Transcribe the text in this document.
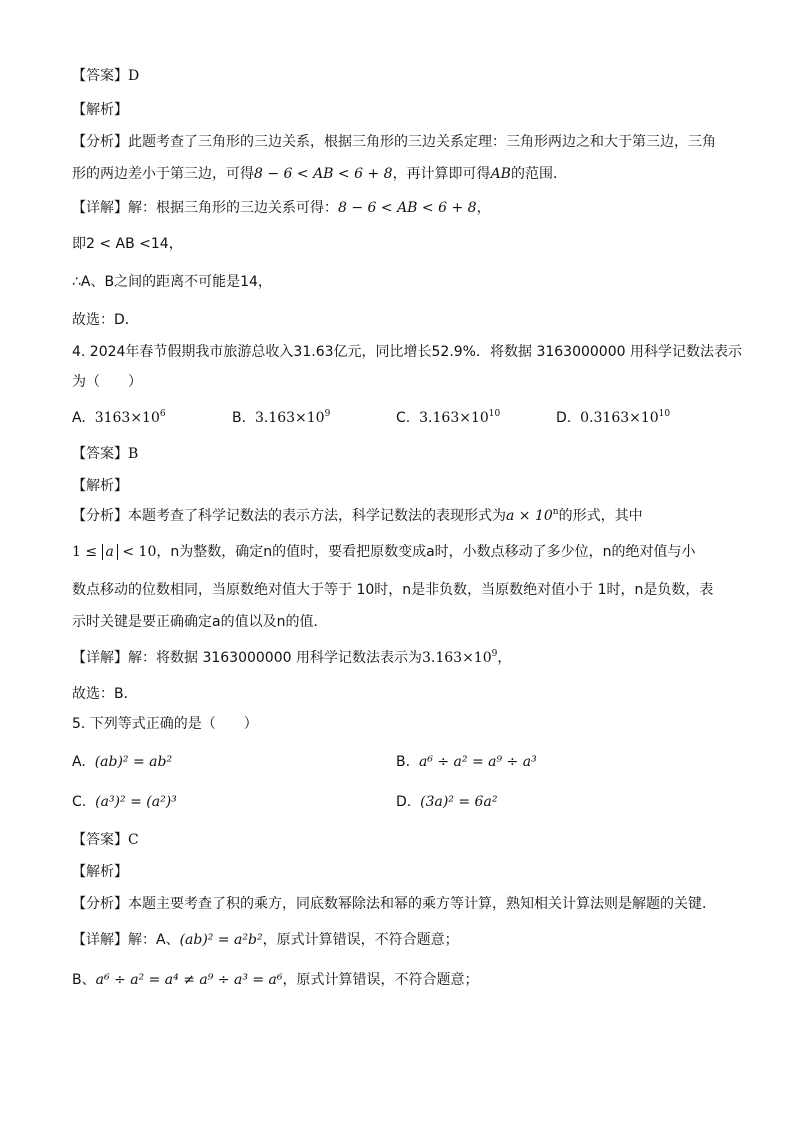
【答案】D
【解析】
【分析】此题考查了三角形的三边关系，根据三角形的三边关系定理：三角形两边之和大于第三边，三角
形的两边差小于第三边，可得8 − 6 < AB < 6 + 8，再计算即可得AB的范围．
【详解】解：根据三角形的三边关系可得：8 − 6 < AB < 6 + 8，
即2 < AB <14，
∴A、B之间的距离不可能是14，
故选：D．
4. 2024年春节假期我市旅游总收入31.63亿元，同比增长52.9%．将数据 3163000000 用科学记数法表示
为（　　）
A. $3163\times 10^6$	B. $3.163\times 10^9$	C. $3.163\times 10^{10}$	D. $0.3163\times 10^{10}$
【答案】B
【解析】
【分析】本题考查了科学记数法的表示方法，科学记数法的表现形式为$a \times 10^n$的形式，其中
1 ≤ a < 10，n为整数，确定n的值时，要看把原数变成a时，小数点移动了多少位，n的绝对值与小
数点移动的位数相同，当原数绝对值大于等于 10时，n是非负数，当原数绝对值小于 1时，n是负数，表
示时关键是要正确确定a的值以及n的值．
【详解】解：将数据 3163000000 用科学记数法表示为$3.163\times 10^9$，
故选：B．
5. 下列等式正确的是（　　）
A. (ab)² = ab²	B. a⁶ ÷ a² = a⁹ ÷ a³
C. (a³)² = (a²)³	D. (3a)² = 6a²
【答案】C
【解析】
【分析】本题主要考查了积的乘方，同底数幂除法和幂的乘方等计算，熟知相关计算法则是解题的关键．
【详解】解：A、(ab)² = a²b²，原式计算错误，不符合题意；
B、a⁶ ÷ a² = a⁴ ≠ a⁹ ÷ a³ = a⁶，原式计算错误，不符合题意；
